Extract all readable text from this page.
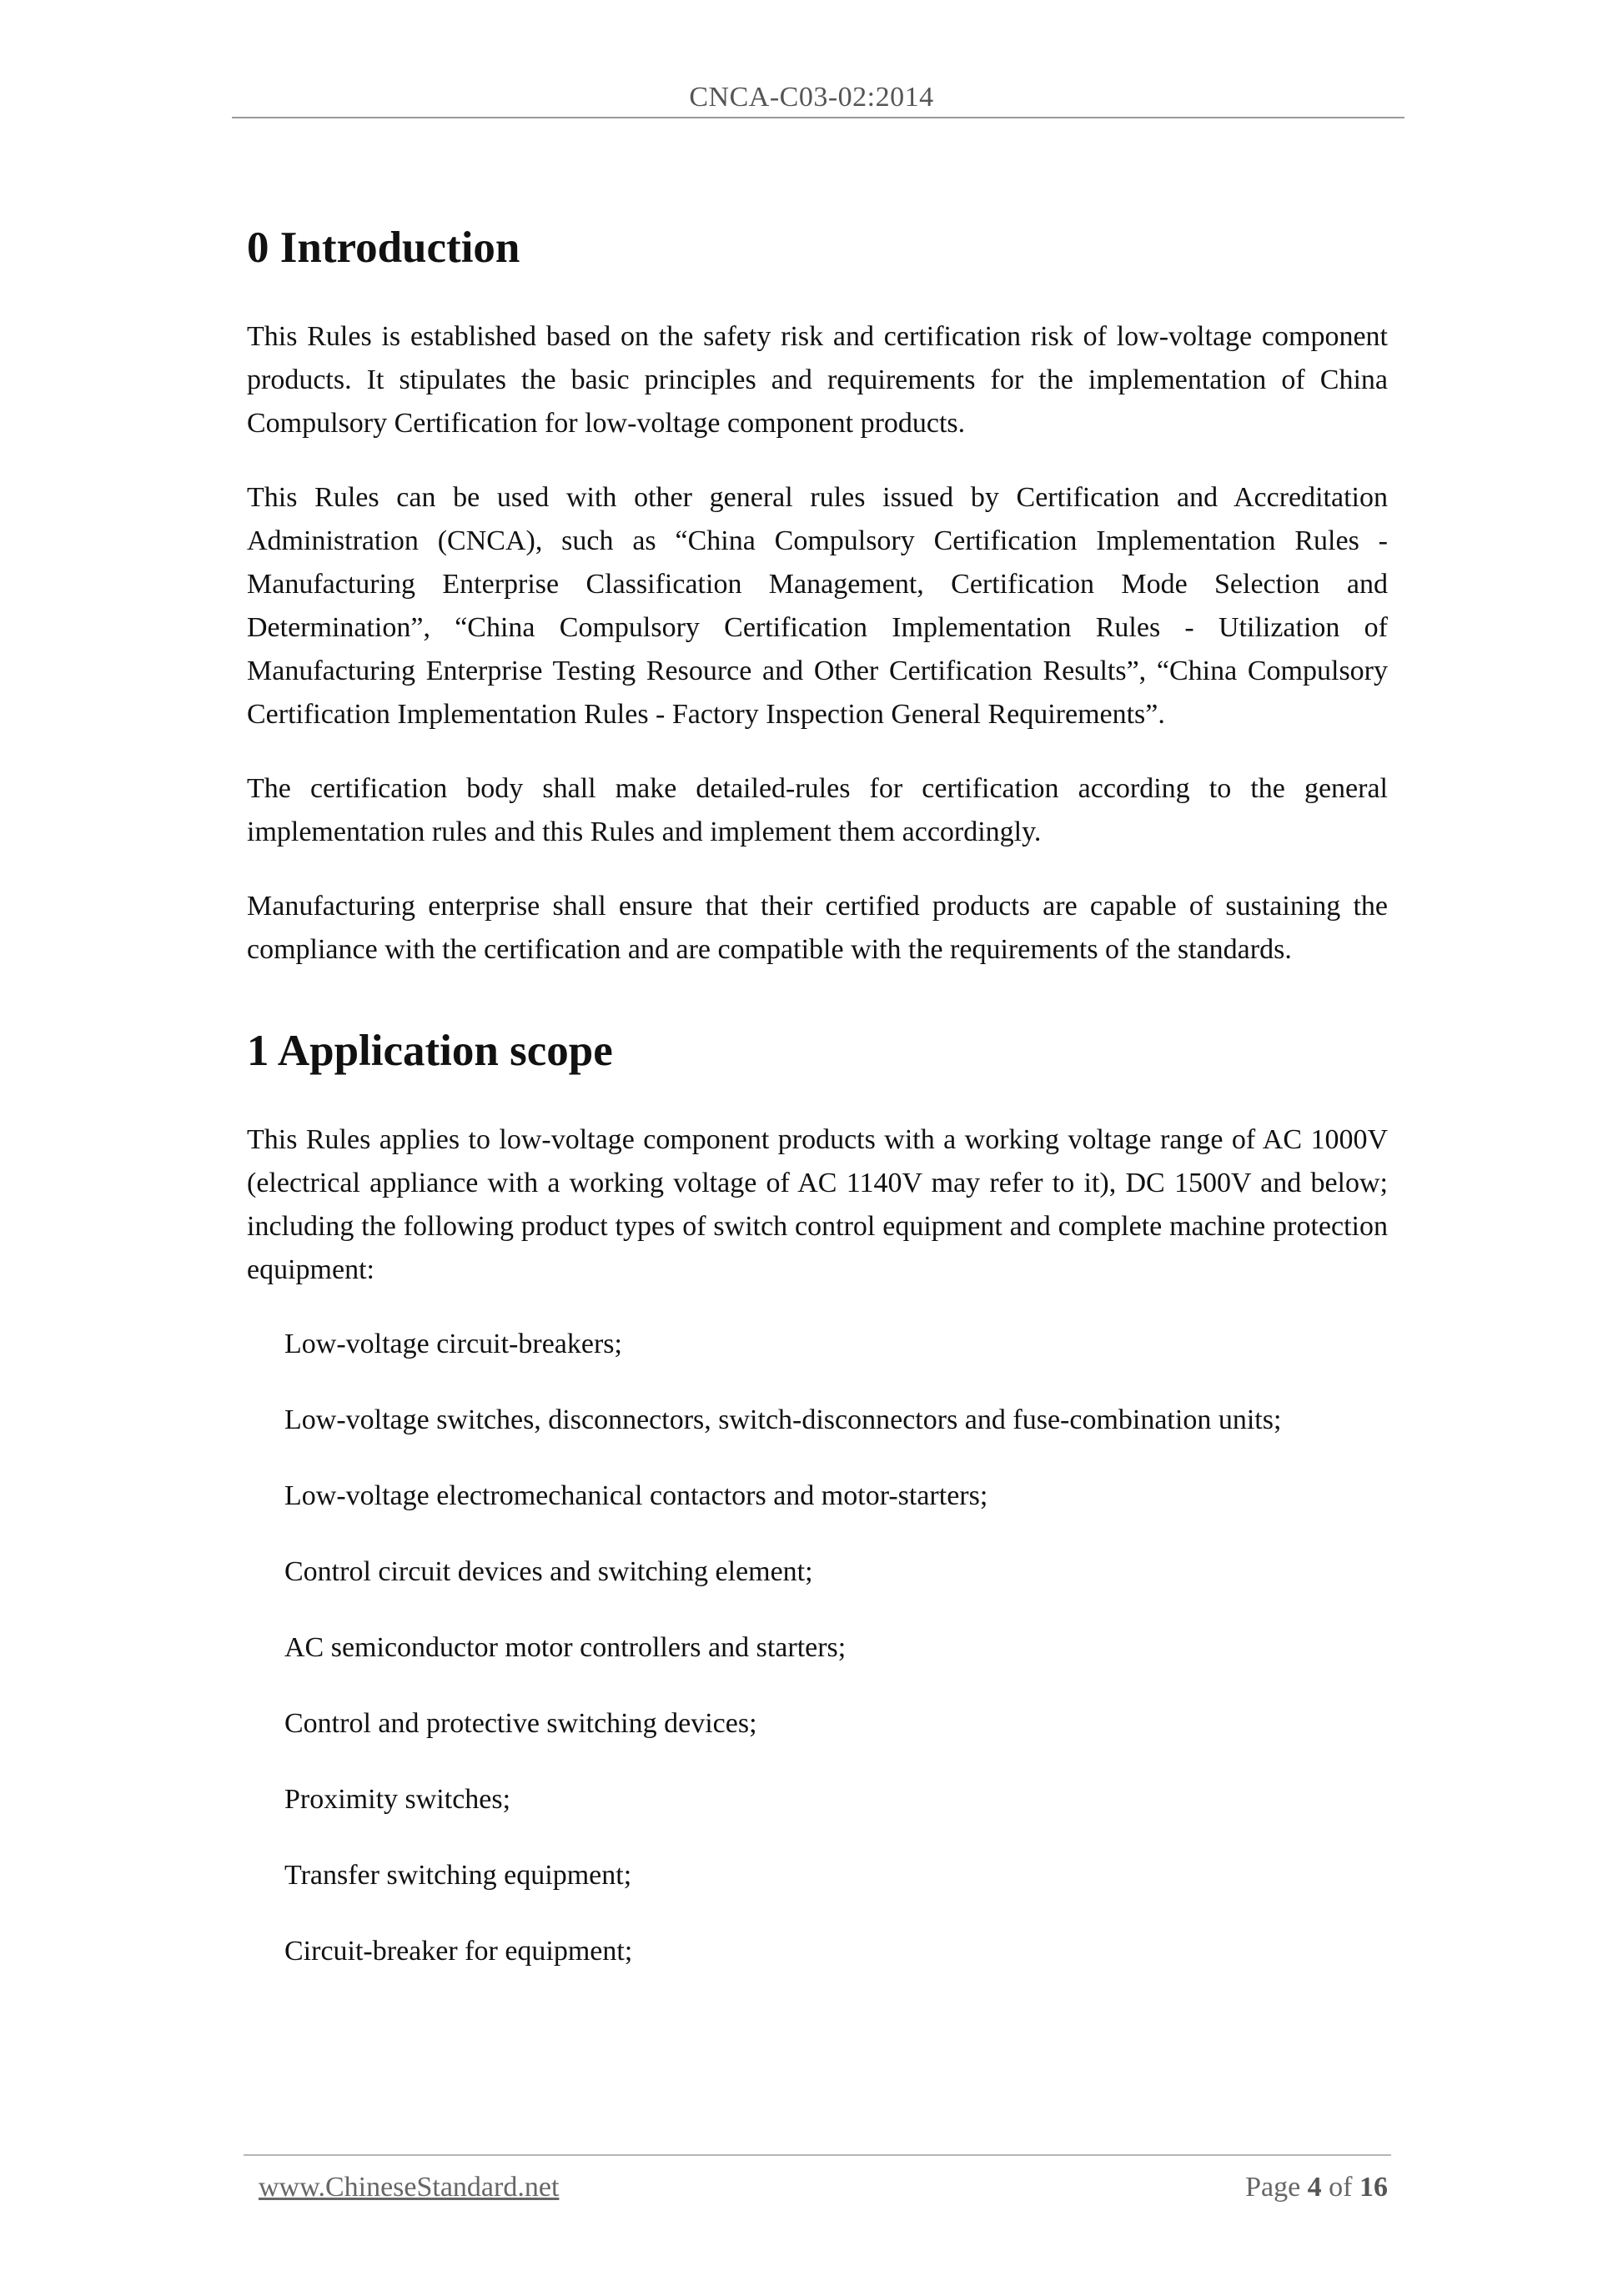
CNCA-C03-02:2014
0 Introduction

This Rules is established based on the safety risk and certification risk of low-voltage component products. It stipulates the basic principles and requirements for the implementation of China Compulsory Certification for low-voltage component products.

This Rules can be used with other general rules issued by Certification and Accreditation Administration (CNCA), such as “China Compulsory Certification Implementation Rules - Manufacturing Enterprise Classification Management, Certification Mode Selection and Determination”, “China Compulsory Certification Implementation Rules - Utilization of Manufacturing Enterprise Testing Resource and Other Certification Results”, “China Compulsory Certification Implementation Rules - Factory Inspection General Requirements”.

The certification body shall make detailed-rules for certification according to the general implementation rules and this Rules and implement them accordingly.

Manufacturing enterprise shall ensure that their certified products are capable of sustaining the compliance with the certification and are compatible with the requirements of the standards.

1 Application scope

This Rules applies to low-voltage component products with a working voltage range of AC 1000V (electrical appliance with a working voltage of AC 1140V may refer to it), DC 1500V and below; including the following product types of switch control equipment and complete machine protection equipment:

Low-voltage circuit-breakers;
Low-voltage switches, disconnectors, switch-disconnectors and fuse-combination units;
Low-voltage electromechanical contactors and motor-starters;
Control circuit devices and switching element;
AC semiconductor motor controllers and starters;
Control and protective switching devices;
Proximity switches;
Transfer switching equipment;
Circuit-breaker for equipment;
www.ChineseStandard.net	Page 4 of 16
